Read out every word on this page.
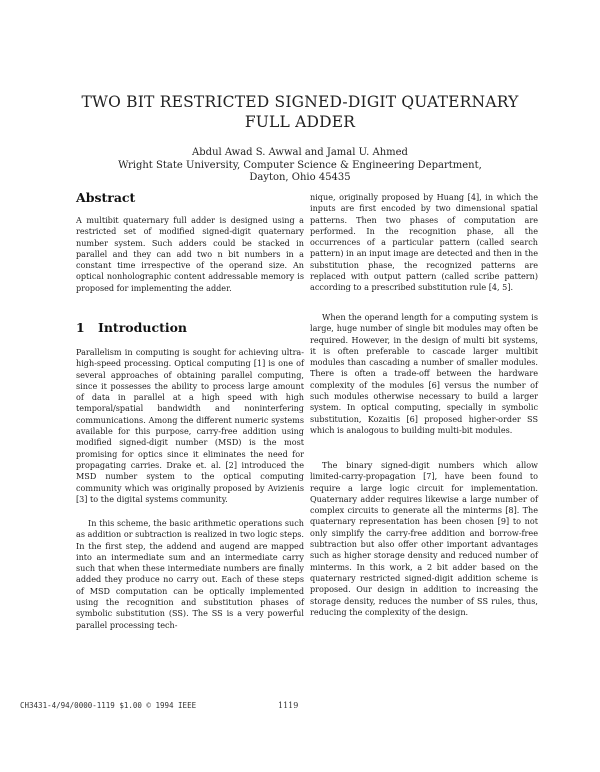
TWO BIT RESTRICTED SIGNED-DIGIT QUATERNARY FULL ADDER
Abdul Awad S. Awwal and Jamal U. Ahmed
Wright State University, Computer Science & Engineering Department,
Dayton, Ohio 45435
Abstract

A multibit quaternary full adder is designed using a restricted set of modified signed-digit quaternary number system. Such adders could be stacked in parallel and they can add two n bit numbers in a constant time irrespective of the operand size. An optical nonholographic content addressable memory is proposed for implementing the adder.

1 Introduction

Parallelism in computing is sought for achieving ultra-high-speed processing. Optical computing [1] is one of several approaches of obtaining parallel computing, since it possesses the ability to process large amount of data in parallel at a high speed with high temporal/spatial bandwidth and noninterfering communications. Among the different numeric systems available for this purpose, carry-free addition using modified signed-digit number (MSD) is the most promising for optics since it eliminates the need for propagating carries. Drake et. al. [2] introduced the MSD number system to the optical computing community which was originally proposed by Avizienis [3] to the digital systems community.

In this scheme, the basic arithmetic operations such as addition or subtraction is realized in two logic steps. In the first step, the addend and augend are mapped into an intermediate sum and an intermediate carry such that when these intermediate numbers are finally added they produce no carry out. Each of these steps of MSD computation can be optically implemented using the recognition and substitution phases of symbolic substitution (SS). The SS is a very powerful parallel processing tech-

nique, originally proposed by Huang [4], in which the inputs are first encoded by two dimensional spatial patterns. Then two phases of computation are performed. In the recognition phase, all the occurrences of a particular pattern (called search pattern) in an input image are detected and then in the substitution phase, the recognized patterns are replaced with output pattern (called scribe pattern) according to a prescribed substitution rule [4, 5].

When the operand length for a computing system is large, huge number of single bit modules may often be required. However, in the design of multi bit systems, it is often preferable to cascade larger multibit modules than cascading a number of smaller modules. There is often a trade-off between the hardware complexity of the modules [6] versus the number of such modules otherwise necessary to build a larger system. In optical computing, specially in symbolic substitution, Kozaitis [6] proposed higher-order SS which is analogous to building multi-bit modules.

The binary signed-digit numbers which allow limited-carry-propagation [7], have been found to require a large logic circuit for implementation. Quaternary adder requires likewise a large number of complex circuits to generate all the minterms [8]. The quaternary representation has been chosen [9] to not only simplify the carry-free addition and borrow-free subtraction but also offer other important advantages such as higher storage density and reduced number of minterms. In this work, a 2 bit adder based on the quaternary restricted signed-digit addition scheme is proposed. Our design in addition to increasing the storage density, reduces the number of SS rules, thus, reducing the complexity of the design.

CH3431-4/94/0000-1119 $1.00 © 1994 IEEE	1119
